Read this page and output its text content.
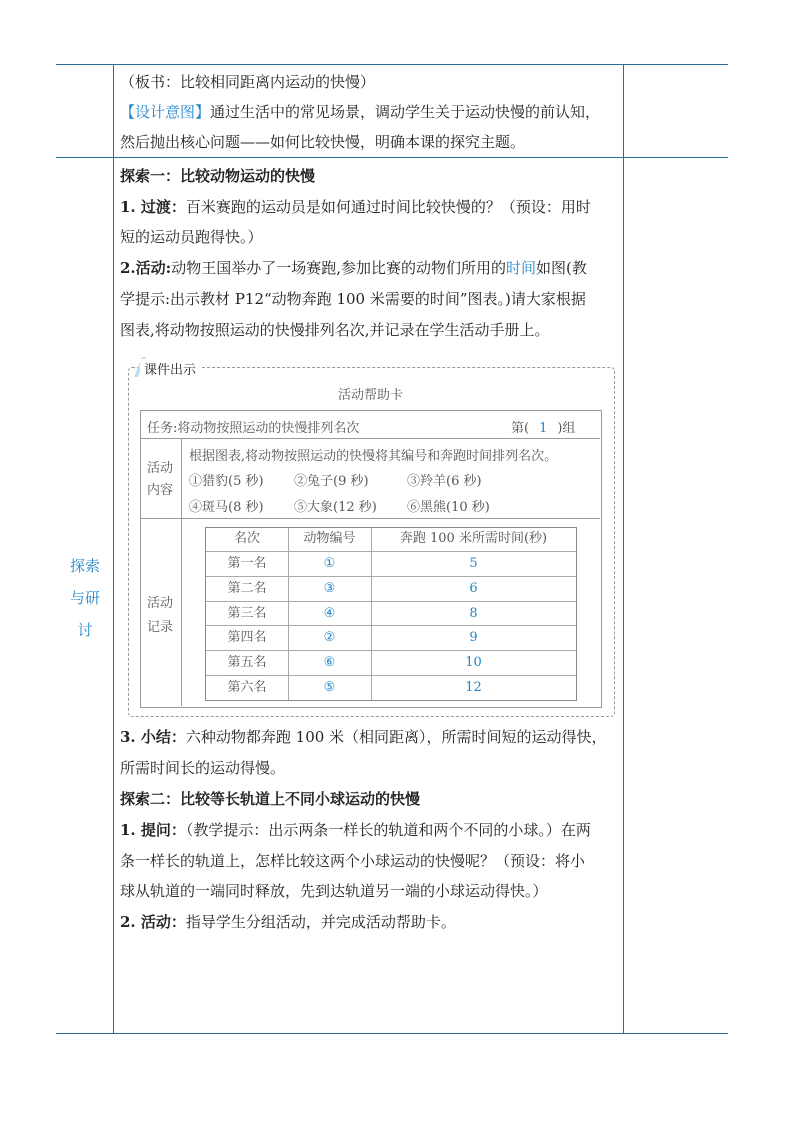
探索
与研
讨
（板书：比较相同距离内运动的快慢）
【设计意图】通过生活中的常见场景，调动学生关于运动快慢的前认知，
然后抛出核心问题——如何比较快慢，明确本课的探究主题。
探索一：比较动物运动的快慢
1. 过渡：百米赛跑的运动员是如何通过时间比较快慢的？（预设：用时
短的运动员跑得快。）
2.活动:动物王国举办了一场赛跑,参加比赛的动物们所用的时间如图(教
学提示:出示教材 P12“动物奔跑 100 米需要的时间”图表。)请大家根据
图表,将动物按照运动的快慢排列名次,并记录在学生活动手册上。
课件出示
活动帮助卡
任务:将动物按照运动的快慢排列名次	第( 1 )组
活动
内容
根据图表,将动物按照运动的快慢将其编号和奔跑时间排列名次。
①猎豹(5 秒) ②兔子(9 秒)	③羚羊(6 秒)
④斑马(8 秒) ⑤大象(12 秒) ⑥黑熊(10 秒)
活动
记录
名次	动物编号	奔跑 100 米所需时间(秒)
第一名	①	5
第二名	③	6
第三名	④	8
第四名	②	9
第五名	⑥	10
第六名	⑤	12
3. 小结：六种动物都奔跑 100 米（相同距离），所需时间短的运动得快，
所需时间长的运动得慢。
探索二：比较等长轨道上不同小球运动的快慢
1. 提问：（教学提示：出示两条一样长的轨道和两个不同的小球。）在两
条一样长的轨道上，怎样比较这两个小球运动的快慢呢？（预设：将小
球从轨道的一端同时释放，先到达轨道另一端的小球运动得快。）
2. 活动：指导学生分组活动，并完成活动帮助卡。
